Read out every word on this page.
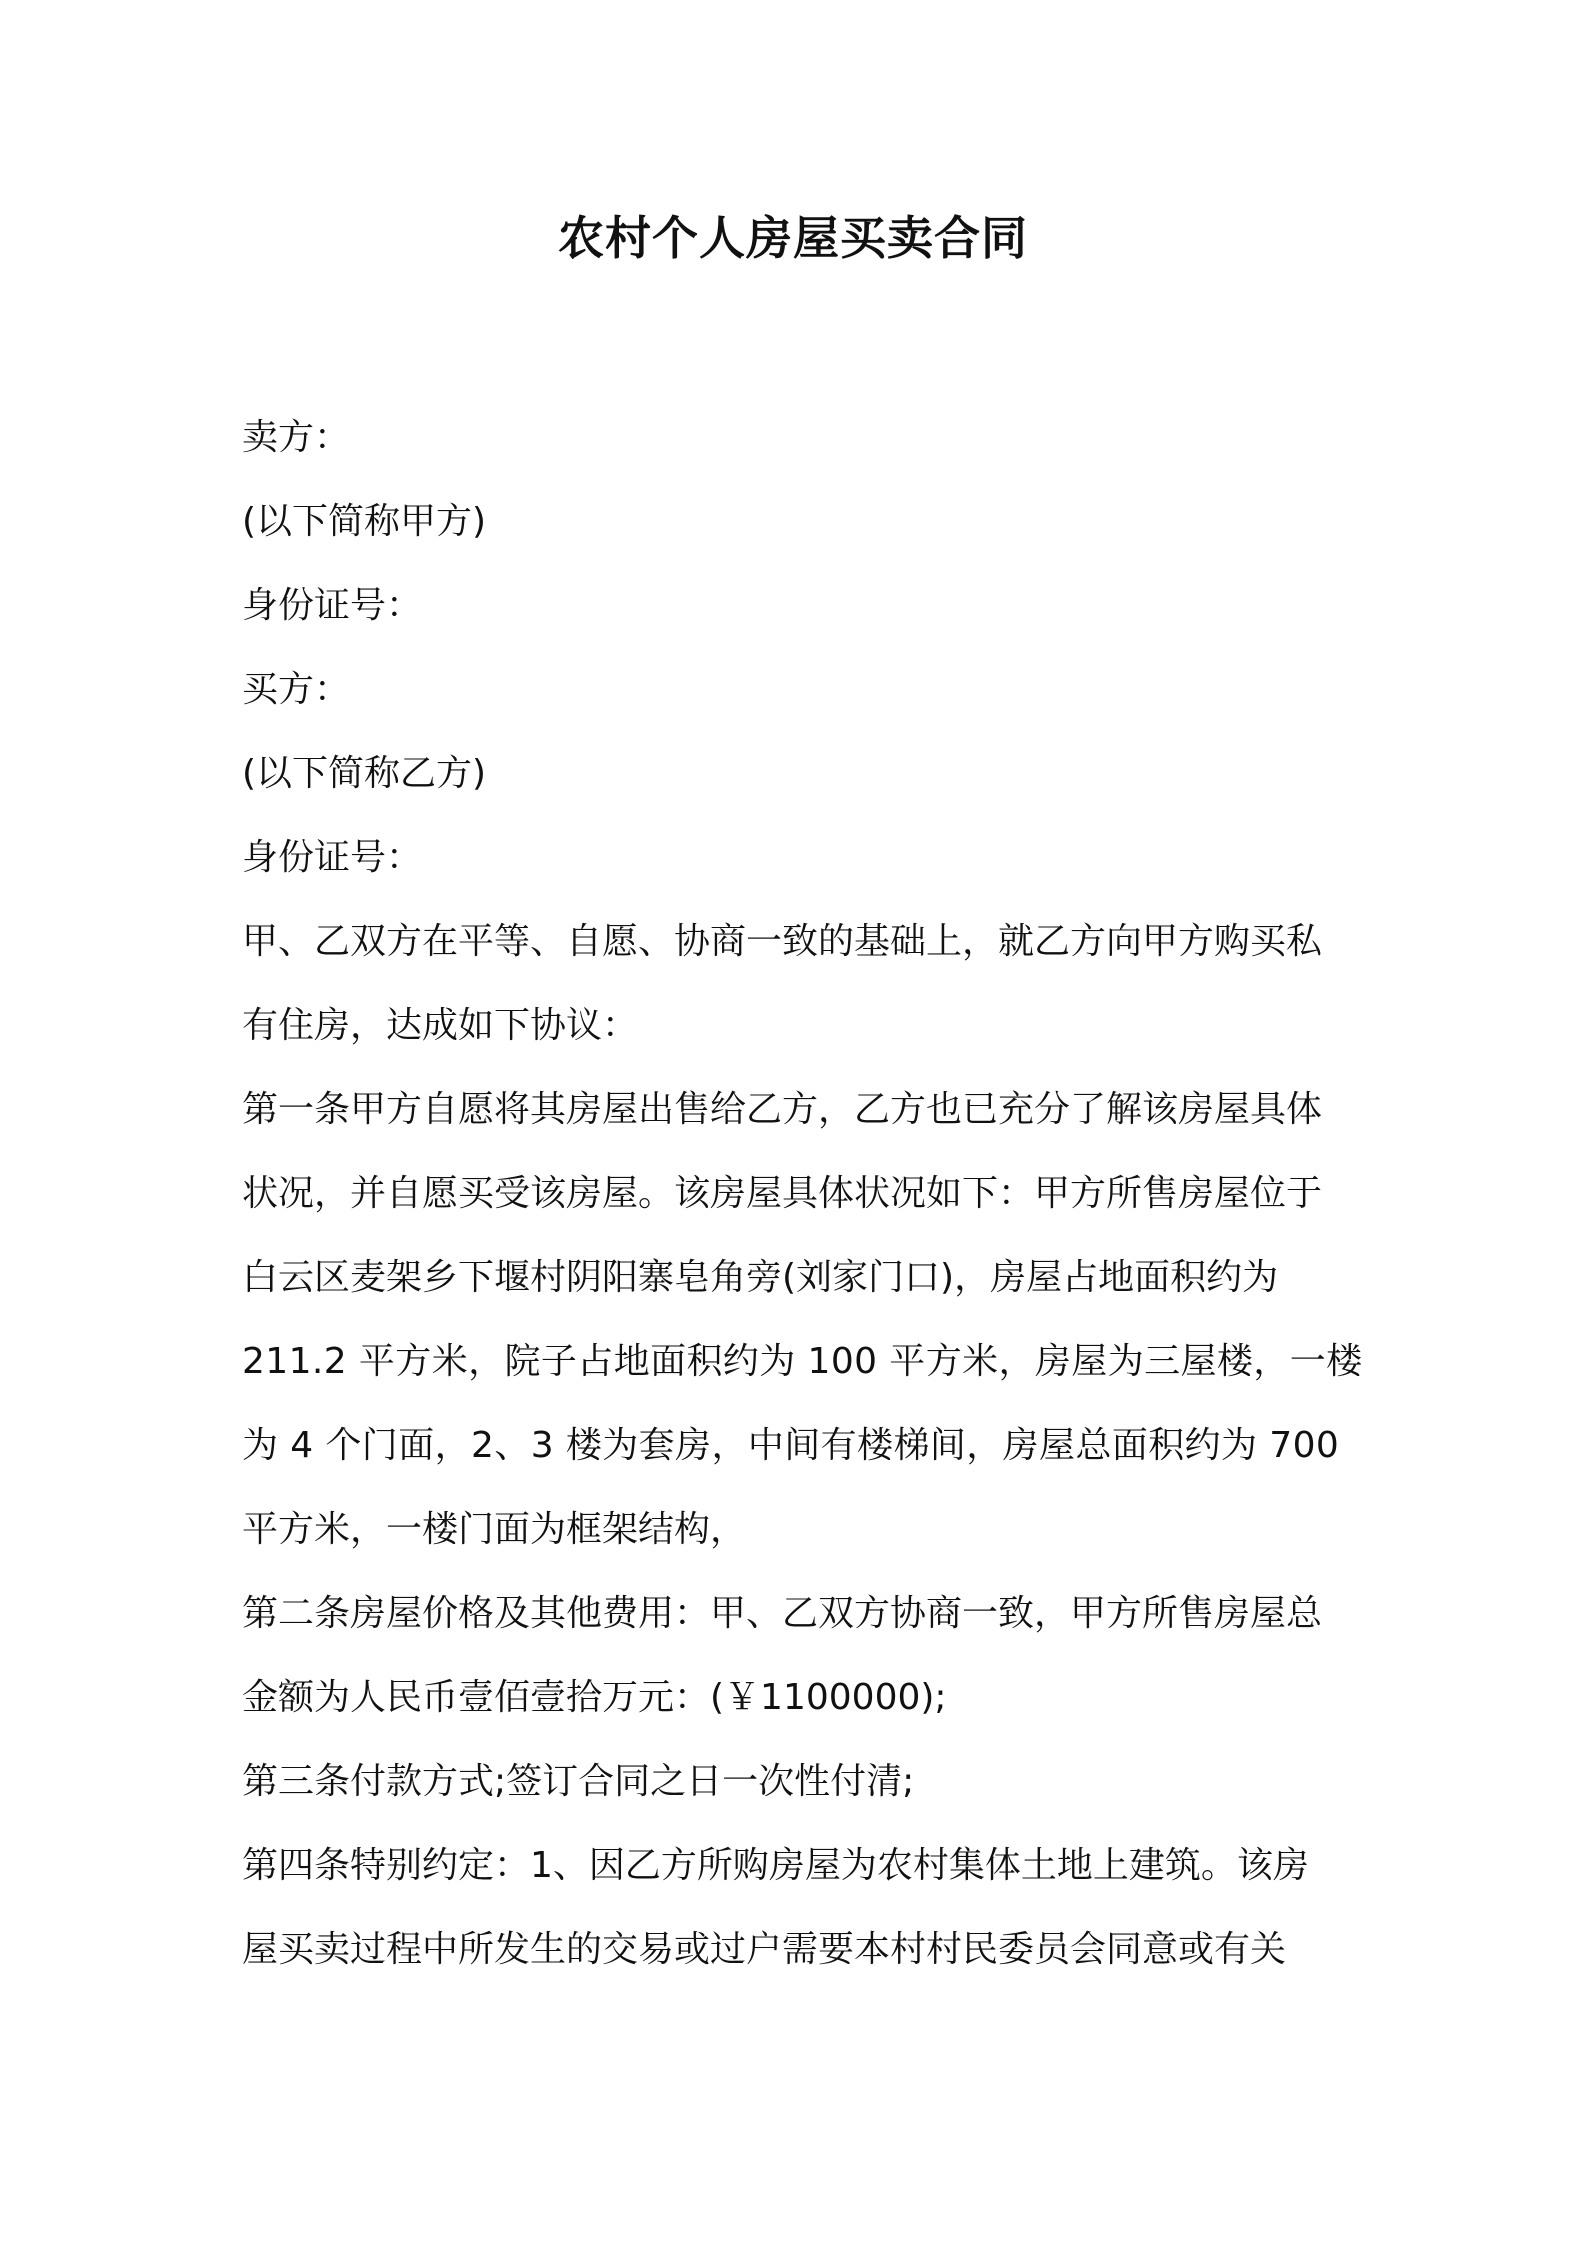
农村个人房屋买卖合同
卖方：
(以下简称甲方)
身份证号：
买方：
(以下简称乙方)
身份证号：
甲、乙双方在平等、自愿、协商一致的基础上，就乙方向甲方购买私
有住房，达成如下协议：
第一条甲方自愿将其房屋出售给乙方，乙方也已充分了解该房屋具体
状况，并自愿买受该房屋。该房屋具体状况如下：甲方所售房屋位于
白云区麦架乡下堰村阴阳寨皂角旁(刘家门口)，房屋占地面积约为
211.2 平方米，院子占地面积约为 100 平方米，房屋为三屋楼，一楼
为 4 个门面，2、3 楼为套房，中间有楼梯间，房屋总面积约为 700
平方米，一楼门面为框架结构，
第二条房屋价格及其他费用：甲、乙双方协商一致，甲方所售房屋总
金额为人民币壹佰壹拾万元：(￥1100000);
第三条付款方式;签订合同之日一次性付清;
第四条特别约定：1、因乙方所购房屋为农村集体土地上建筑。该房
屋买卖过程中所发生的交易或过户需要本村村民委员会同意或有关
